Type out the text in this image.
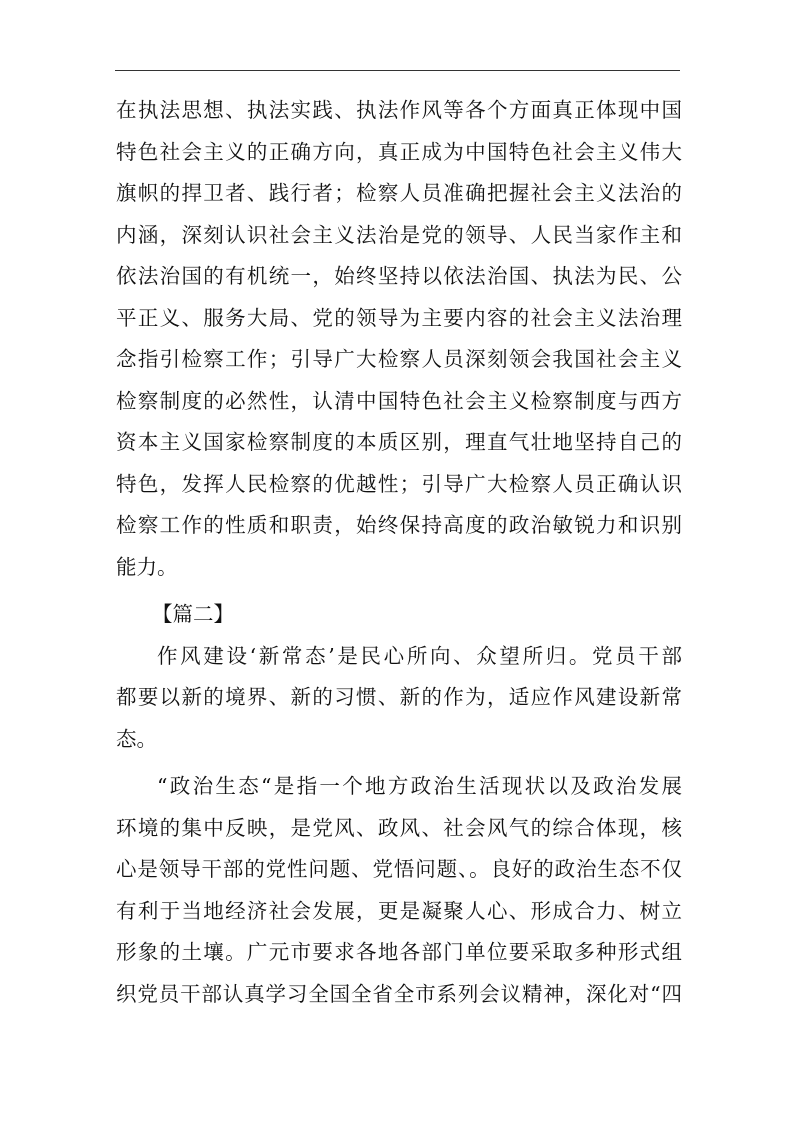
在执法思想、执法实践、执法作风等各个方面真正体现中国
特色社会主义的正确方向，真正成为中国特色社会主义伟大
旗帜的捍卫者、践行者；检察人员准确把握社会主义法治的
内涵，深刻认识社会主义法治是党的领导、人民当家作主和
依法治国的有机统一，始终坚持以依法治国、执法为民、公
平正义、服务大局、党的领导为主要内容的社会主义法治理
念指引检察工作；引导广大检察人员深刻领会我国社会主义
检察制度的必然性，认清中国特色社会主义检察制度与西方
资本主义国家检察制度的本质区别，理直气壮地坚持自己的
特色，发挥人民检察的优越性；引导广大检察人员正确认识
检察工作的性质和职责，始终保持高度的政治敏锐力和识别
能力。
【篇二】
作风建设‘新常态’是民心所向、众望所归。党员干部
都要以新的境界、新的习惯、新的作为，适应作风建设新常
态。
“政治生态“是指一个地方政治生活现状以及政治发展
环境的集中反映，是党风、政风、社会风气的综合体现，核
心是领导干部的党性问题、党悟问题、。良好的政治生态不仅
有利于当地经济社会发展，更是凝聚人心、形成合力、树立
形象的土壤。广元市要求各地各部门单位要采取多种形式组
织党员干部认真学习全国全省全市系列会议精神，深化对“四
